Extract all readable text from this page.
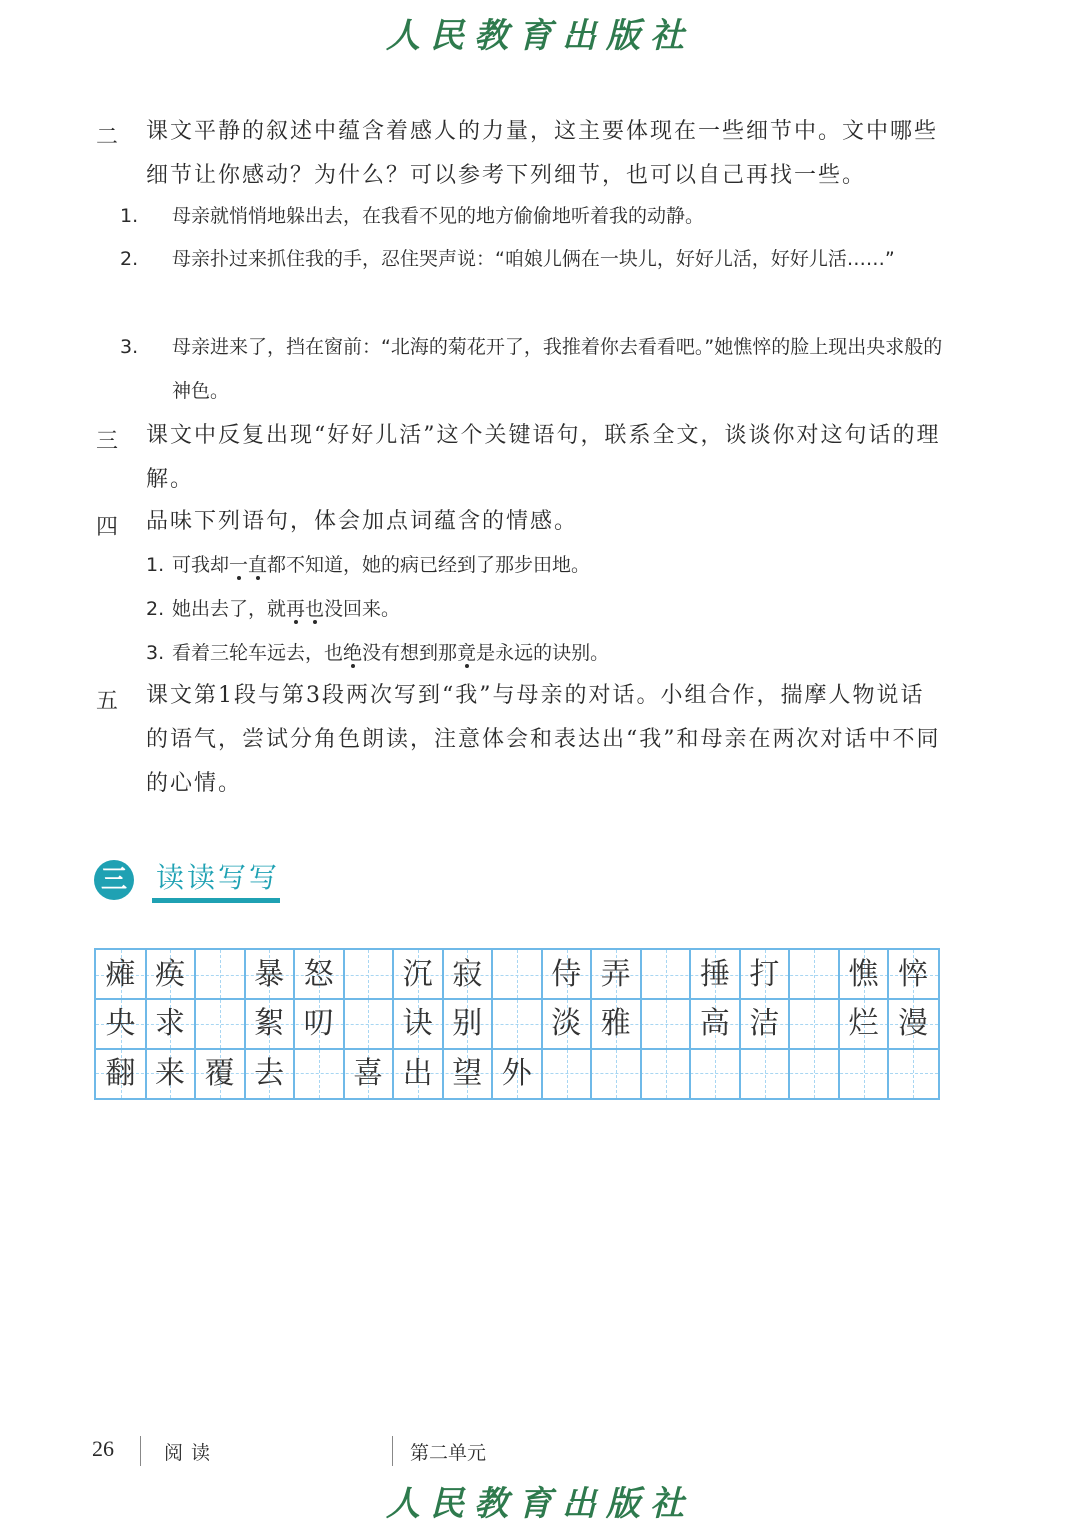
人民教育出版社
二 课文平静的叙述中蕴含着感人的力量，这主要体现在一些细节中。文中哪些细节让你感动？为什么？可以参考下列细节，也可以自己再找一些。
1. 母亲就悄悄地躲出去，在我看不见的地方偷偷地听着我的动静。
2. 母亲扑过来抓住我的手，忍住哭声说：“咱娘儿俩在一块儿，好好儿活，好好儿活……”
3. 母亲进来了，挡在窗前：“北海的菊花开了，我推着你去看看吧。”她憔悴的脸上现出央求般的神色。
三 课文中反复出现“好好儿活”这个关键语句，联系全文，谈谈你对这句话的理解。
四 品味下列语句，体会加点词蕴含的情感。
1. 可我却一直都不知道，她的病已经到了那步田地。
2. 她出去了，就再也没回来。
3. 看着三轮车远去，也绝没有想到那竟是永远的诀别。
五 课文第1段与第3段两次写到“我”与母亲的对话。小组合作，揣摩人物说话的语气，尝试分角色朗读，注意体会和表达出“我”和母亲在两次对话中不同的心情。
三 读读写写
瘫 痪	暴 怒	沉 寂	侍 弄	捶 打	憔 悴
央 求	絮 叨	诀 别	淡 雅	高 洁	烂 漫
翻 来 覆 去	喜 出 望 外
26	阅读	第二单元
人民教育出版社
